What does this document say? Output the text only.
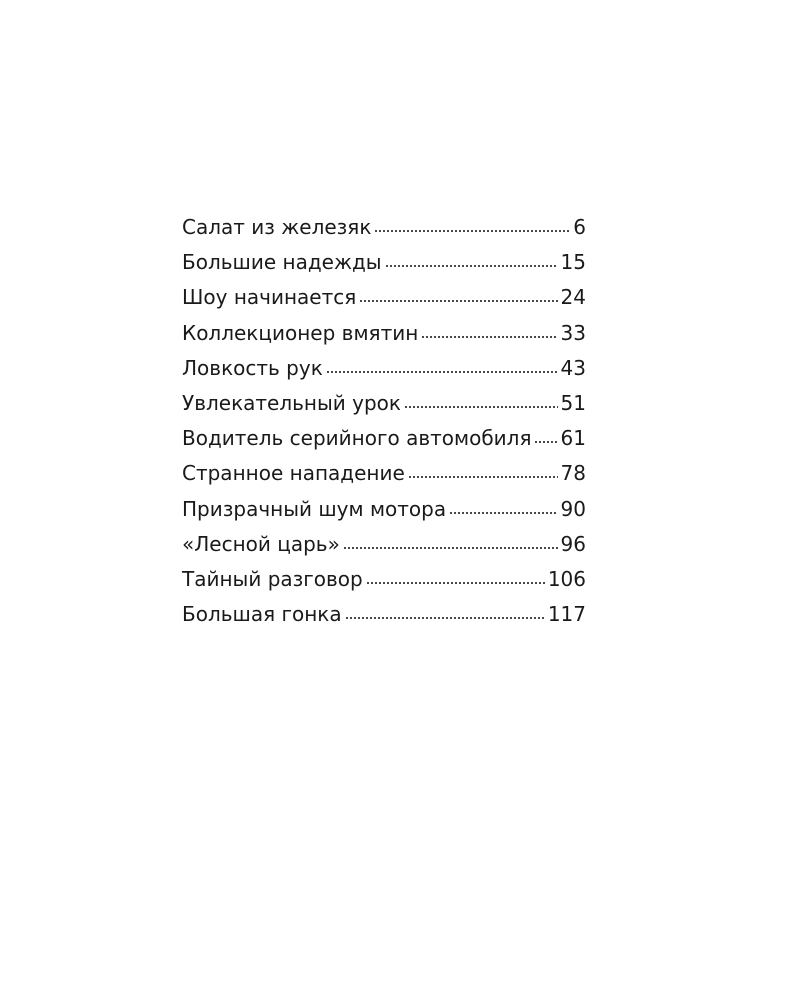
Салат из железяк	6
Большие надежды	15
Шоу начинается	24
Коллекционер вмятин	33
Ловкость рук	43
Увлекательный урок	51
Водитель серийного автомобиля 61
Странное нападение	78
Призрачный шум мотора	90
«Лесной царь»	96
Тайный разговор	106
Большая гонка	117
